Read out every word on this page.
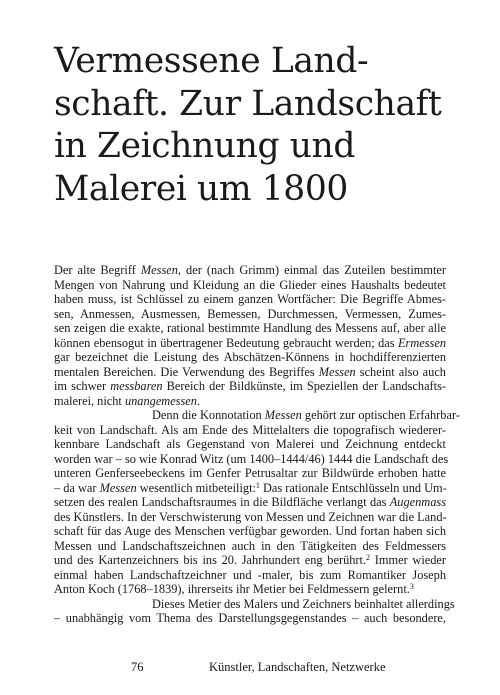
Vermessene Land-
schaft. Zur Landschaft
in Zeichnung und
Malerei um 1800
Der alte Begriff Messen, der (nach Grimm) einmal das Zuteilen bestimmter
Mengen von Nahrung und Kleidung an die Glieder eines Haushalts bedeutet
haben muss, ist Schlüssel zu einem ganzen Wortfächer: Die Begriffe Abmes-
sen, Anmessen, Ausmessen, Bemessen, Durchmessen, Vermessen, Zumes-
sen zeigen die exakte, rational bestimmte Handlung des Messens auf, aber alle
können ebensogut in übertragener Bedeutung gebraucht werden; das Ermessen
gar bezeichnet die Leistung des Abschätzen-Könnens in hochdifferenzierten
mentalen Bereichen. Die Verwendung des Begriffes Messen scheint also auch
im schwer messbaren Bereich der Bildkünste, im Speziellen der Landschafts-
malerei, nicht unangemessen.
Denn die Konnotation Messen gehört zur optischen Erfahrbar-
keit von Landschaft. Als am Ende des Mittelalters die topografisch wiederer-
kennbare Landschaft als Gegenstand von Malerei und Zeichnung entdeckt
worden war – so wie Konrad Witz (um 1400–1444/46) 1444 die Landschaft des
unteren Genferseebeckens im Genfer Petrusaltar zur Bildwürde erhoben hatte
– da war Messen wesentlich mitbeteiligt:$^1$ Das rationale Entschlüsseln und Um-
setzen des realen Landschaftsraumes in die Bildfläche verlangt das Augenmass
des Künstlers. In der Verschwisterung von Messen und Zeichnen war die Land-
schaft für das Auge des Menschen verfügbar geworden. Und fortan haben sich
Messen und Landschaftszeichnen auch in den Tätigkeiten des Feldmessers
und des Kartenzeichners bis ins 20. Jahrhundert eng berührt.$^2$ Immer wieder
einmal haben Landschaftzeichner und -maler, bis zum Romantiker Joseph
Anton Koch (1768–1839), ihrerseits ihr Metier bei Feldmessern gelernt.$^3$
Dieses Metier des Malers und Zeichners beinhaltet allerdings
– unabhängig vom Thema des Darstellungsgegenstandes – auch besondere,
76	Künstler, Landschaften, Netzwerke
